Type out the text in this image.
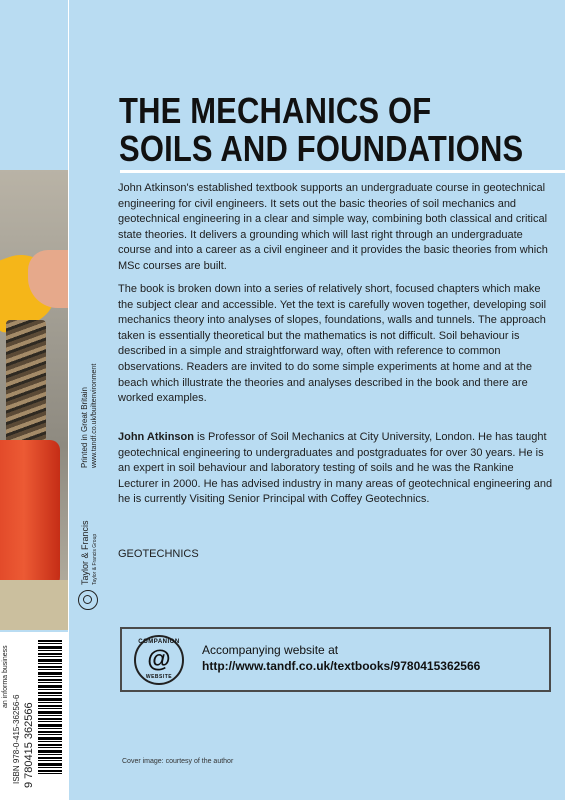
Printed in Great Britain www.tandf.co.uk/builtenvironment
Taylor & Francis Taylor & Francis Group
an informa business
ISBN 978-0-415-36256-6 9 780415 362566
THE MECHANICS OF
SOILS AND FOUNDATIONS

John Atkinson's established textbook supports an undergraduate course in geotechnical engineering for civil engineers. It sets out the basic theories of soil mechanics and geotechnical engineering in a clear and simple way, combining both classical and critical state theories. It delivers a grounding which will last right through an undergraduate course and into a career as a civil engineer and it provides the basic theories from which MSc courses are built.

The book is broken down into a series of relatively short, focused chapters which make the subject clear and accessible. Yet the text is carefully woven together, developing soil mechanics theory into analyses of slopes, foundations, walls and tunnels. The approach taken is essentially theoretical but the mathematics is not difficult. Soil behaviour is described in a simple and straightforward way, often with reference to common observations. Readers are invited to do some simple experiments at home and at the beach which illustrate the theories and analyses described in the book and there are worked examples.

John Atkinson is Professor of Soil Mechanics at City University, London. He has taught geotechnical engineering to undergraduates and postgraduates for over 30 years. He is an expert in soil behaviour and laboratory testing of soils and he was the Rankine Lecturer in 2000. He has advised industry in many areas of geotechnical engineering and he is currently Visiting Senior Principal with Coffey Geotechnics.

GEOTECHNICS

COMPANION
@
WEBSITE
Accompanying website at
http://www.tandf.co.uk/textbooks/9780415362566
Cover image: courtesy of the author
